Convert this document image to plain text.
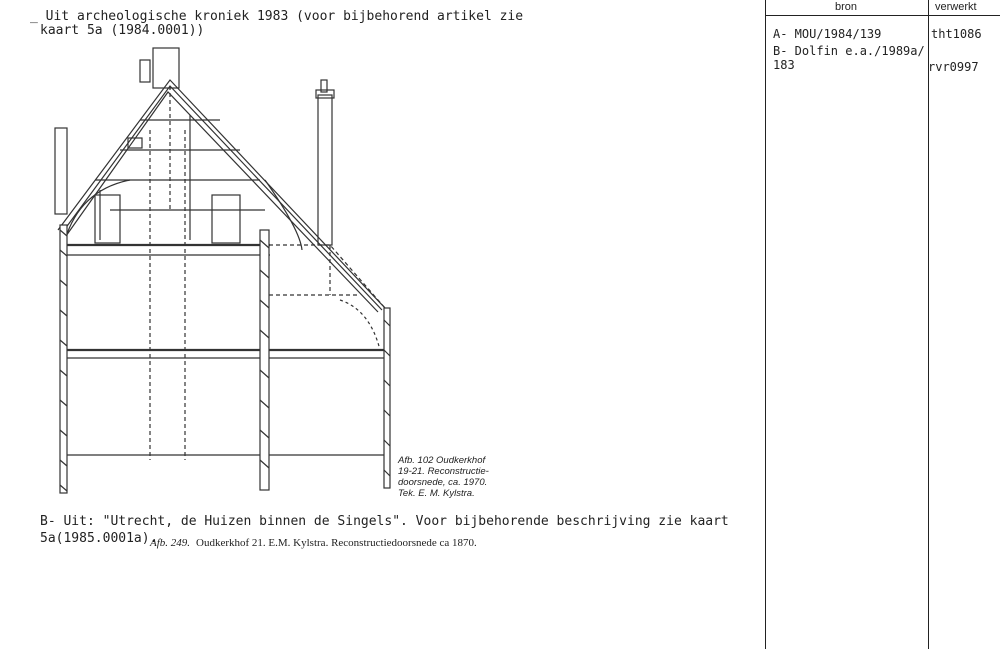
_ Uit archeologische kroniek 1983 (voor bijbehorend artikel zie
kaart 5a (1984.0001))
Afb. 102 Oudkerkhof
19-21. Reconstructie-
doorsnede, ca. 1970.
Tek. E. M. Kylstra.
B- Uit: "Utrecht, de Huizen binnen de Singels". Voor bijbehorende beschrijving zie kaart
5a(1985.0001a).
Afb. 249. Oudkerkhof 21. E.M. Kylstra. Reconstructiedoorsnede ca 1870.
bron	verwerkt
A- MOU/1984/139	tht1086
B- Dolfin e.a./1989a/
183	rvr0997
